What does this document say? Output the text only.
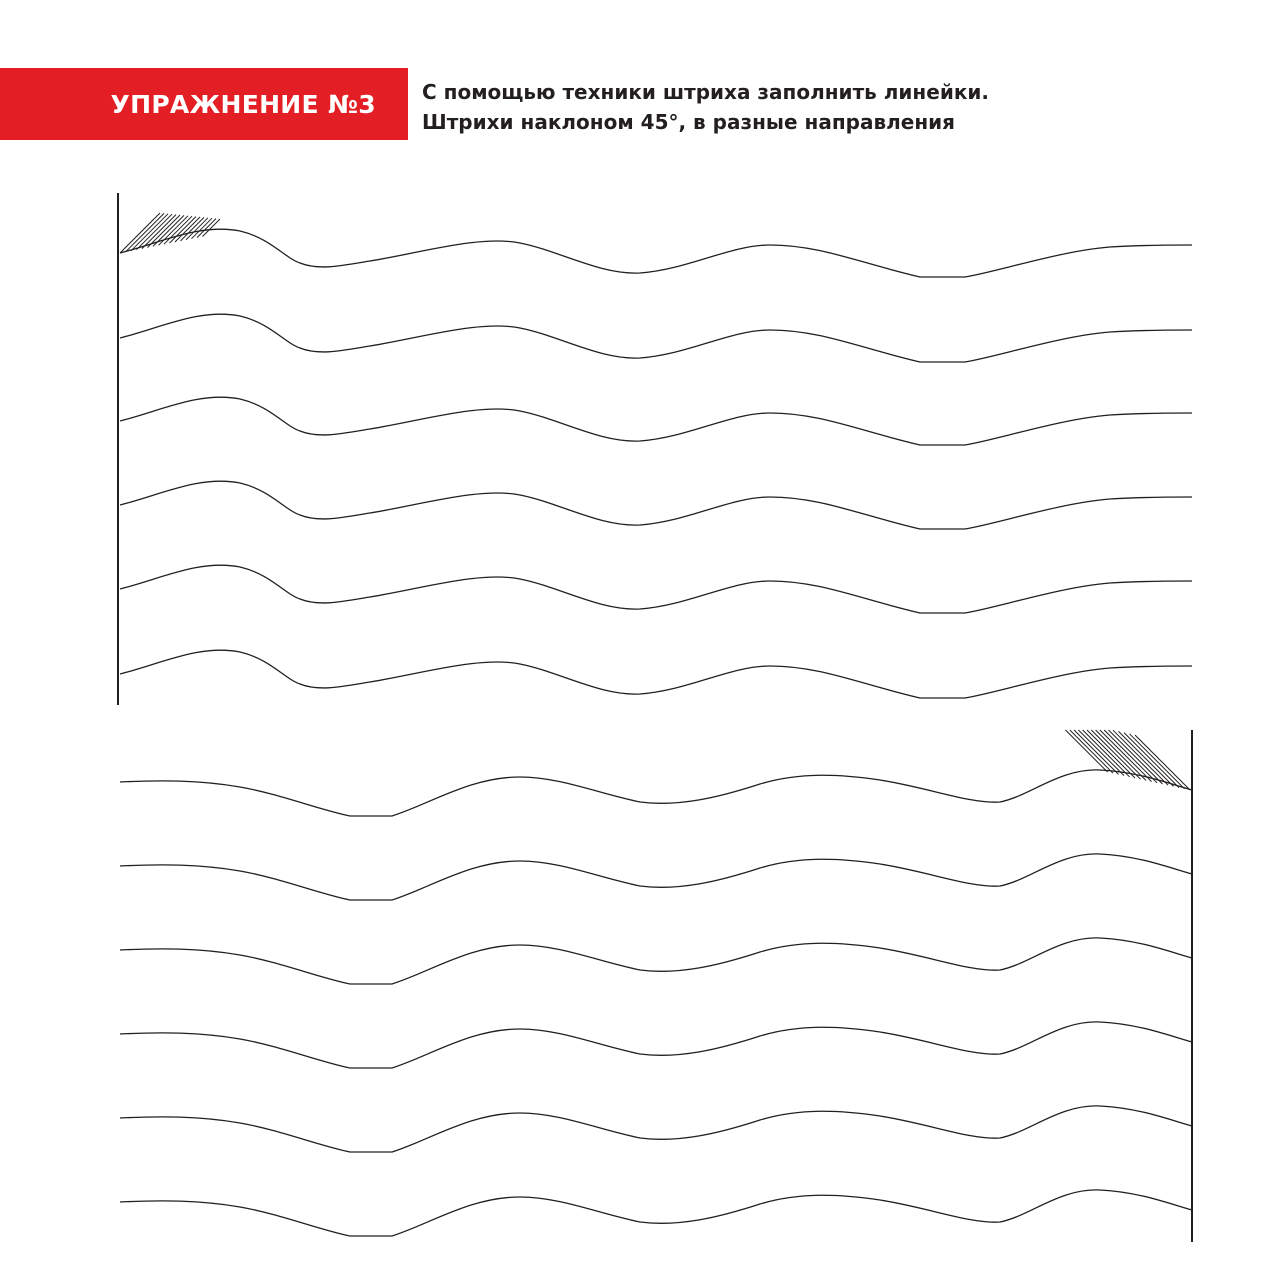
УПРАЖНЕНИЕ №3 С помощью техники штриха заполнить линейки.
Штрихи наклоном 45°, в разные направления
